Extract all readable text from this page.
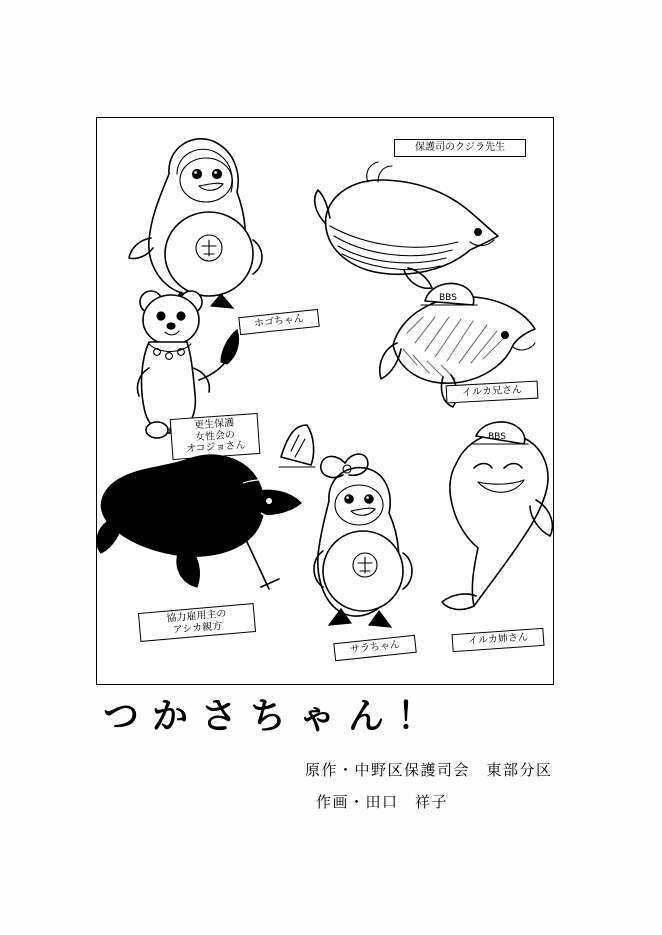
ホゴちゃん
保護司のクジラ先生
更生保護
女性会の
オコジョさん
BBS
イルカ兄さん
協力雇用主の
アシカ親方
サラちゃん
BBS
イルカ姉さん
つかさちゃん！
原作・中野区保護司会　東部分区
作画・田口　祥子
